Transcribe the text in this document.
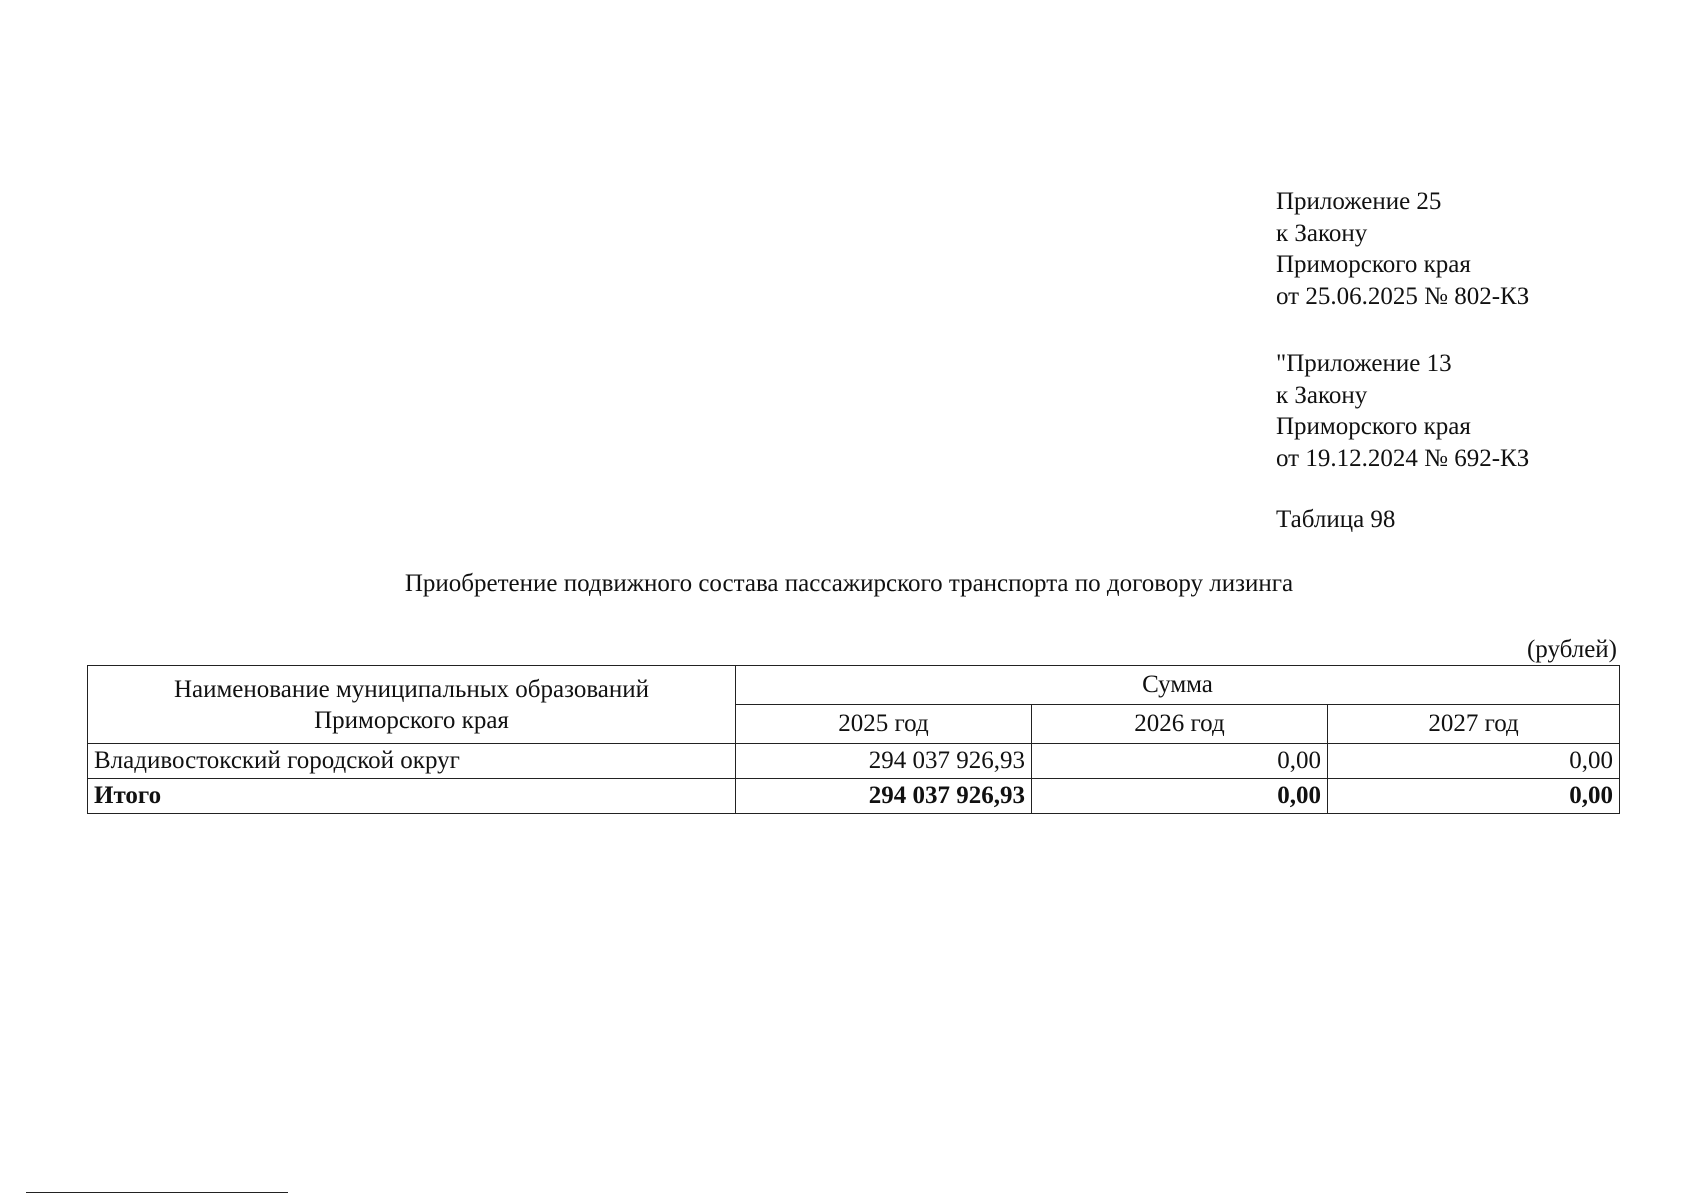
Приложение 25
к Закону
Приморского края
от 25.06.2025 № 802-КЗ
"Приложение 13
к Закону
Приморского края
от 19.12.2024 № 692-КЗ
Таблица 98
Приобретение подвижного состава пассажирского транспорта по договору лизинга
(рублей)
Наименование муниципальных образований
Приморского края	Сумма		
	2025 год	2026 год	2027 год
Владивостокский городской округ	294 037 926,93	0,00	0,00
Итого	294 037 926,93	0,00	0,00
